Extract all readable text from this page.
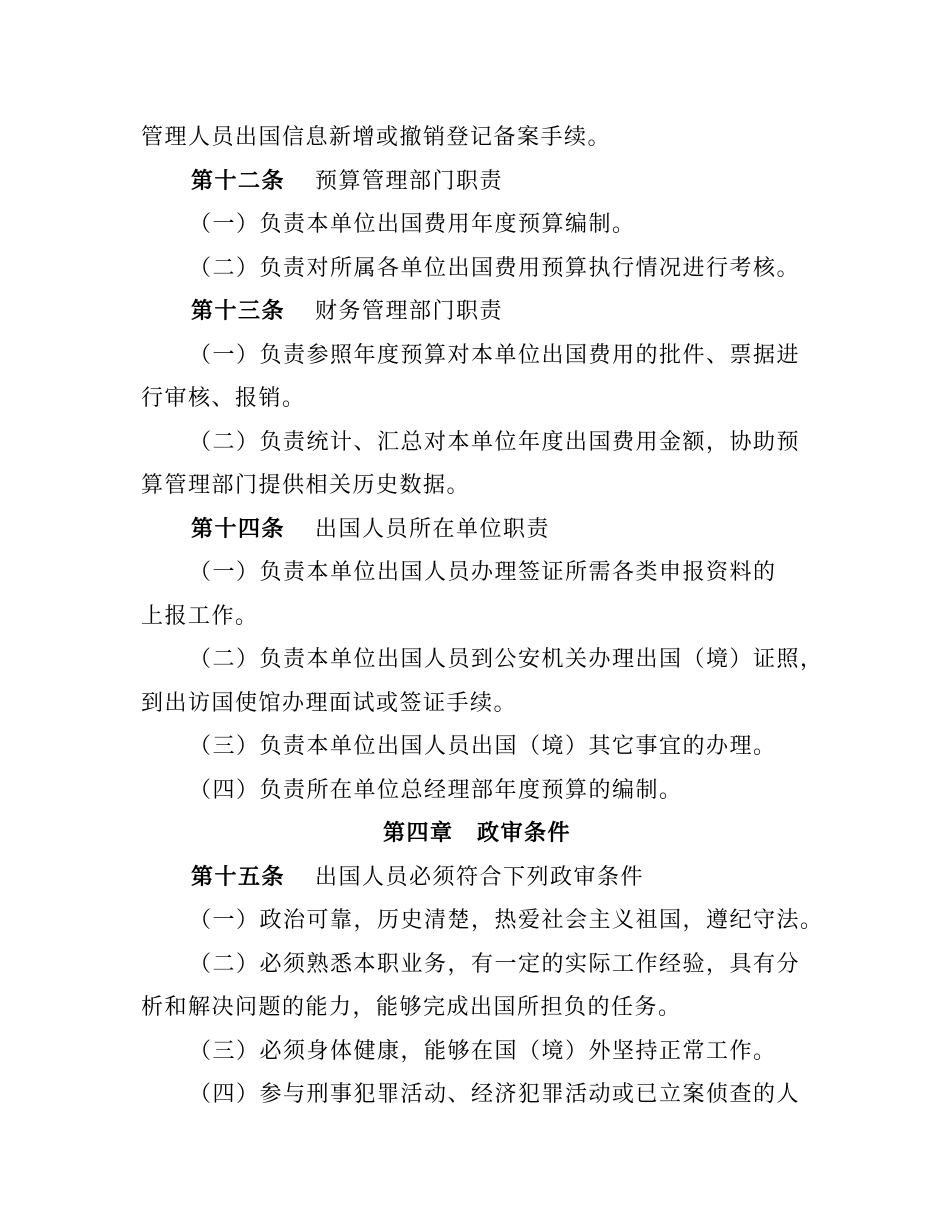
管理人员出国信息新增或撤销登记备案手续。
第十二条 预算管理部门职责
（一）负责本单位出国费用年度预算编制。
（二）负责对所属各单位出国费用预算执行情况进行考核。
第十三条 财务管理部门职责
（一）负责参照年度预算对本单位出国费用的批件、票据进
行审核、报销。
（二）负责统计、汇总对本单位年度出国费用金额，协助预
算管理部门提供相关历史数据。
第十四条 出国人员所在单位职责
（一）负责本单位出国人员办理签证所需各类申报资料的
上报工作。
（二）负责本单位出国人员到公安机关办理出国（境）证照，
到出访国使馆办理面试或签证手续。
（三）负责本单位出国人员出国（境）其它事宜的办理。
（四）负责所在单位总经理部年度预算的编制。
第四章　政审条件
第十五条 出国人员必须符合下列政审条件
（一）政治可靠，历史清楚，热爱社会主义祖国，遵纪守法。
（二）必须熟悉本职业务，有一定的实际工作经验，具有分
析和解决问题的能力，能够完成出国所担负的任务。
（三）必须身体健康，能够在国（境）外坚持正常工作。
（四）参与刑事犯罪活动、经济犯罪活动或已立案侦查的人
